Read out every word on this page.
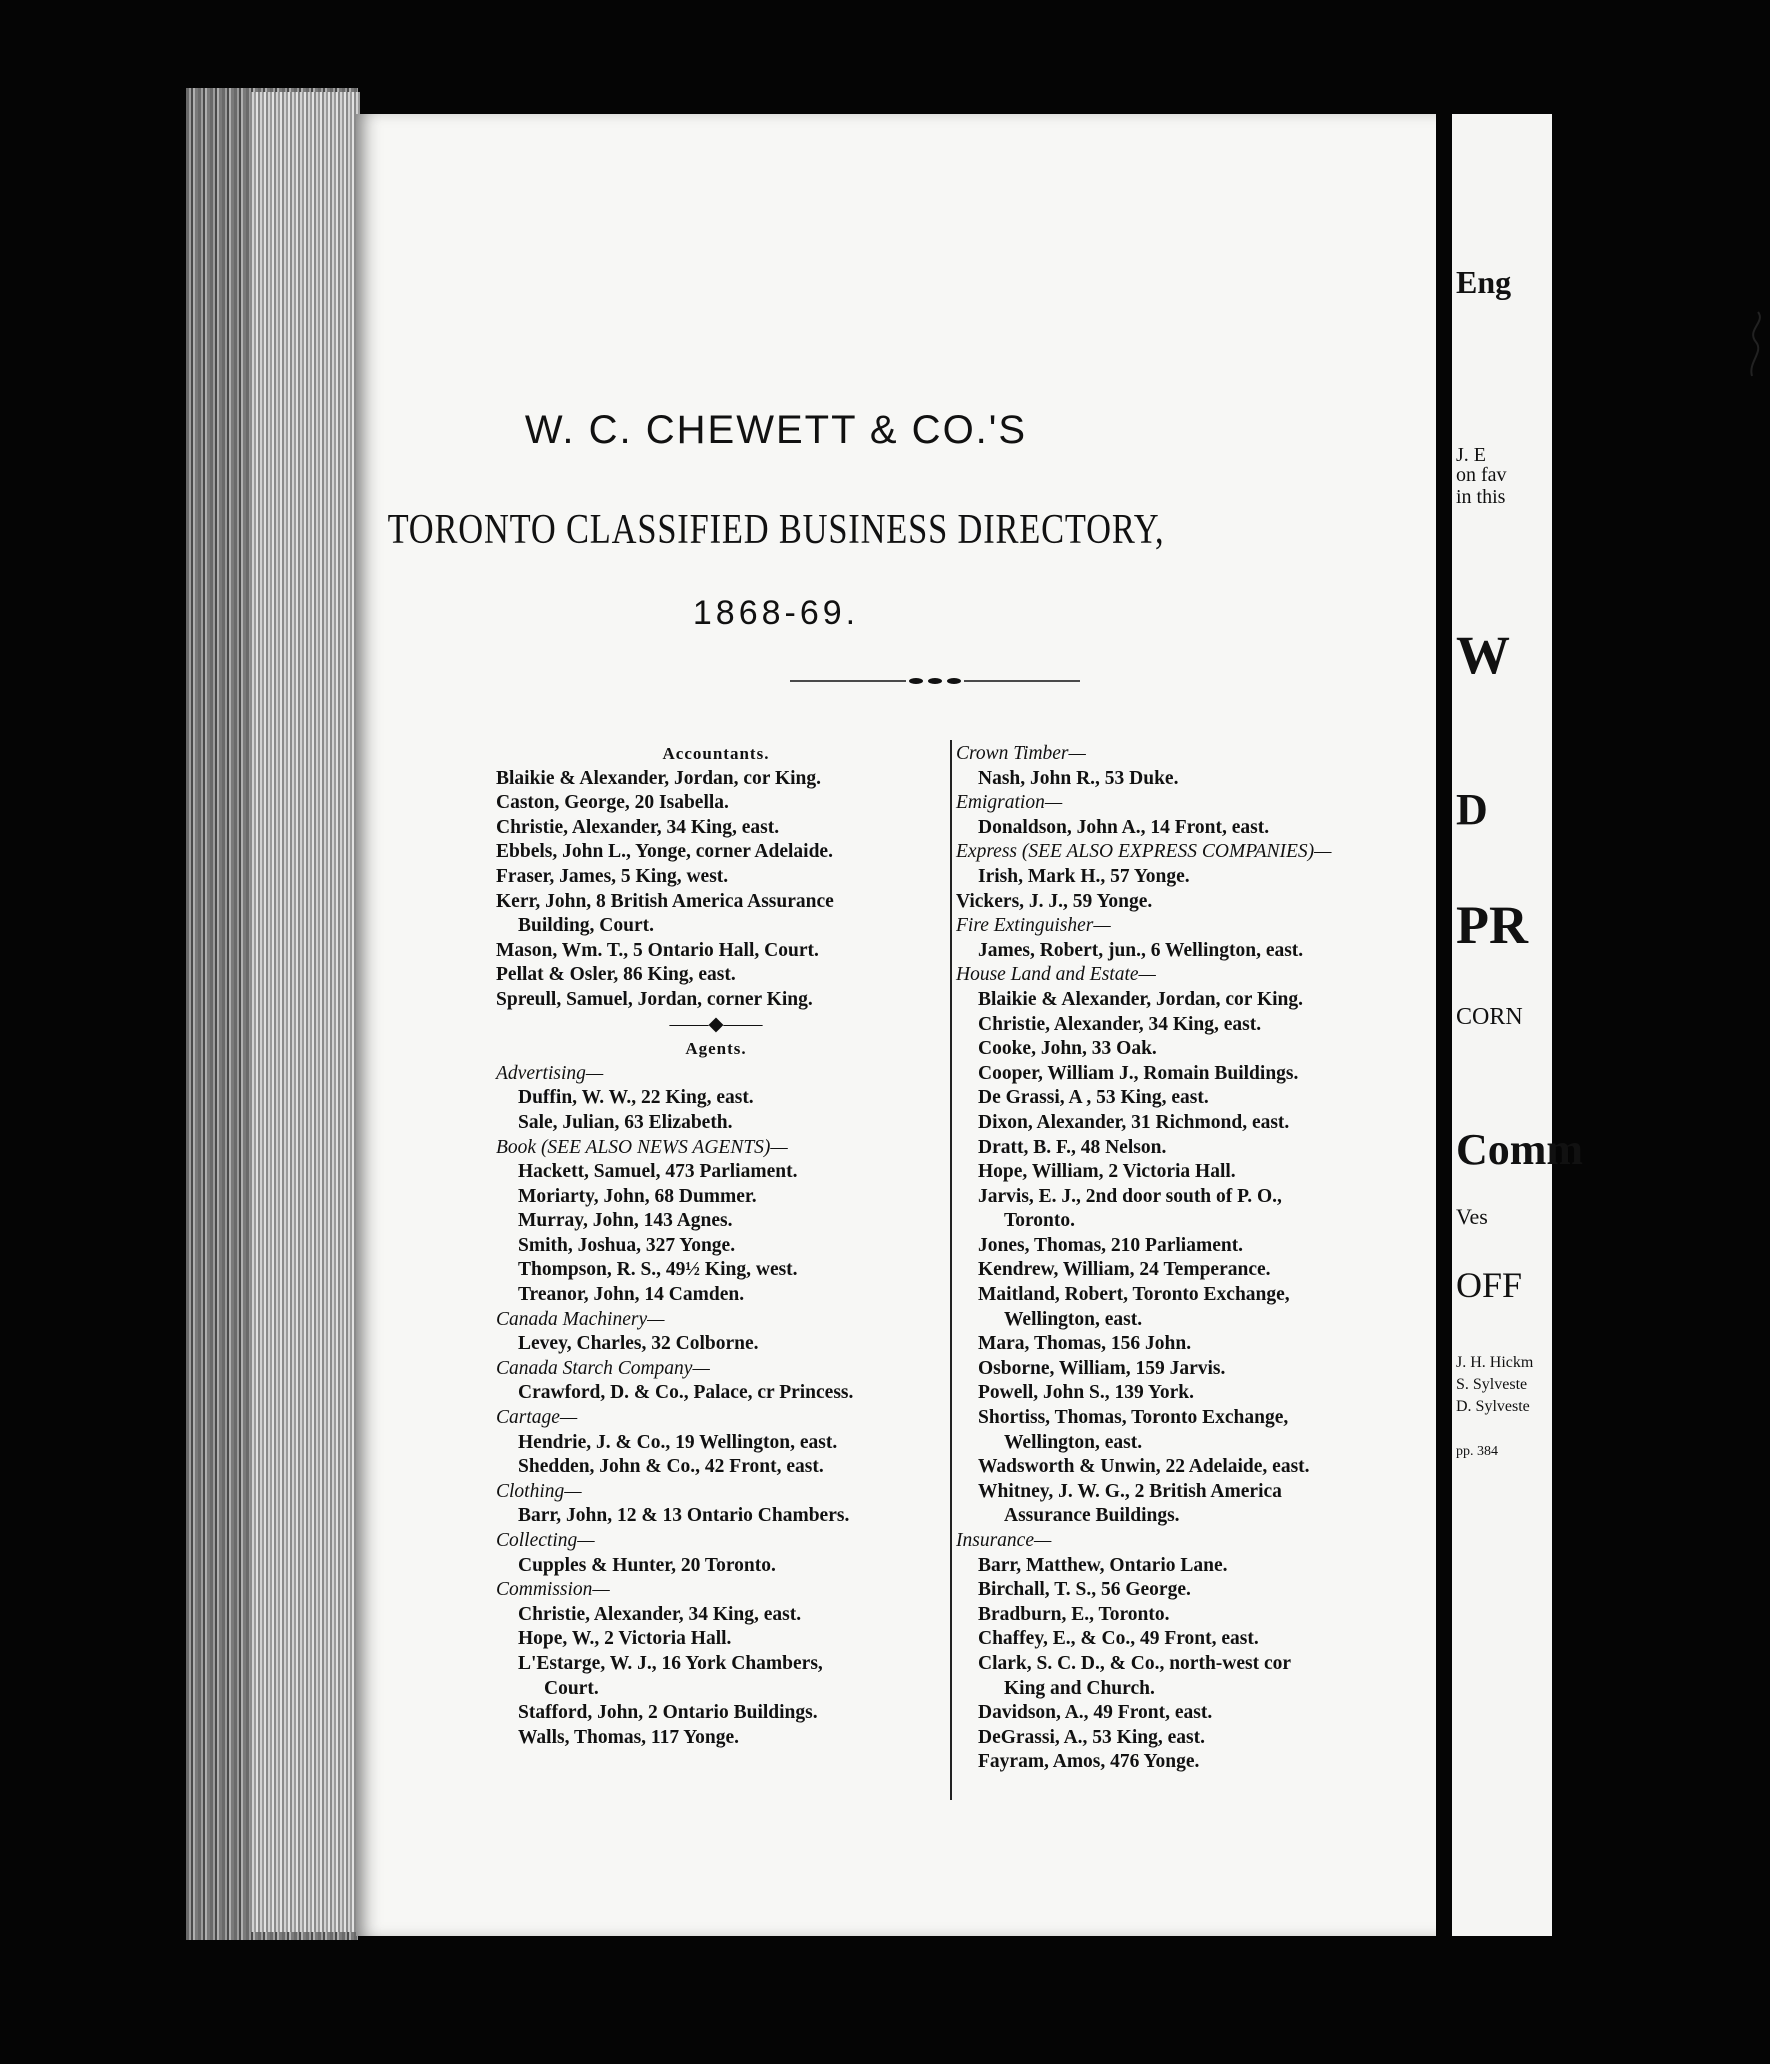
W. C. CHEWETT & CO.'S
TORONTO CLASSIFIED BUSINESS DIRECTORY,
1868-69.
Accountants.
Blaikie & Alexander, Jordan, cor King.
Caston, George, 20 Isabella.
Christie, Alexander, 34 King, east.
Ebbels, John L., Yonge, corner Adelaide.
Fraser, James, 5 King, west.
Kerr, John, 8 British America Assurance
Building, Court.
Mason, Wm. T., 5 Ontario Hall, Court.
Pellat & Osler, 86 King, east.
Spreull, Samuel, Jordan, corner King.
——◆——
Agents.
Advertising—
Duffin, W. W., 22 King, east.
Sale, Julian, 63 Elizabeth.
Book (SEE ALSO NEWS AGENTS)—
Hackett, Samuel, 473 Parliament.
Moriarty, John, 68 Dummer.
Murray, John, 143 Agnes.
Smith, Joshua, 327 Yonge.
Thompson, R. S., 49½ King, west.
Treanor, John, 14 Camden.
Canada Machinery—
Levey, Charles, 32 Colborne.
Canada Starch Company—
Crawford, D. & Co., Palace, cr Princess.
Cartage—
Hendrie, J. & Co., 19 Wellington, east.
Shedden, John & Co., 42 Front, east.
Clothing—
Barr, John, 12 & 13 Ontario Chambers.
Collecting—
Cupples & Hunter, 20 Toronto.
Commission—
Christie, Alexander, 34 King, east.
Hope, W., 2 Victoria Hall.
L'Estarge, W. J., 16 York Chambers,
Court.
Stafford, John, 2 Ontario Buildings.
Walls, Thomas, 117 Yonge.
Crown Timber—
Nash, John R., 53 Duke.
Emigration—
Donaldson, John A., 14 Front, east.
Express (SEE ALSO EXPRESS COMPANIES)—
Irish, Mark H., 57 Yonge.
Vickers, J. J., 59 Yonge.
Fire Extinguisher—
James, Robert, jun., 6 Wellington, east.
House Land and Estate—
Blaikie & Alexander, Jordan, cor King.
Christie, Alexander, 34 King, east.
Cooke, John, 33 Oak.
Cooper, William J., Romain Buildings.
De Grassi, A , 53 King, east.
Dixon, Alexander, 31 Richmond, east.
Dratt, B. F., 48 Nelson.
Hope, William, 2 Victoria Hall.
Jarvis, E. J., 2nd door south of P. O.,
Toronto.
Jones, Thomas, 210 Parliament.
Kendrew, William, 24 Temperance.
Maitland, Robert, Toronto Exchange,
Wellington, east.
Mara, Thomas, 156 John.
Osborne, William, 159 Jarvis.
Powell, John S., 139 York.
Shortiss, Thomas, Toronto Exchange,
Wellington, east.
Wadsworth & Unwin, 22 Adelaide, east.
Whitney, J. W. G., 2 British America
Assurance Buildings.
Insurance—
Barr, Matthew, Ontario Lane.
Birchall, T. S., 56 George.
Bradburn, E., Toronto.
Chaffey, E., & Co., 49 Front, east.
Clark, S. C. D., & Co., north-west cor
King and Church.
Davidson, A., 49 Front, east.
DeGrassi, A., 53 King, east.
Fayram, Amos, 476 Yonge.
Eng
J. E
on fav
in this
W
D
PR
CORN
Comm
Ves
OFF
J. H. Hickm
S. Sylveste
D. Sylveste
pp. 384
